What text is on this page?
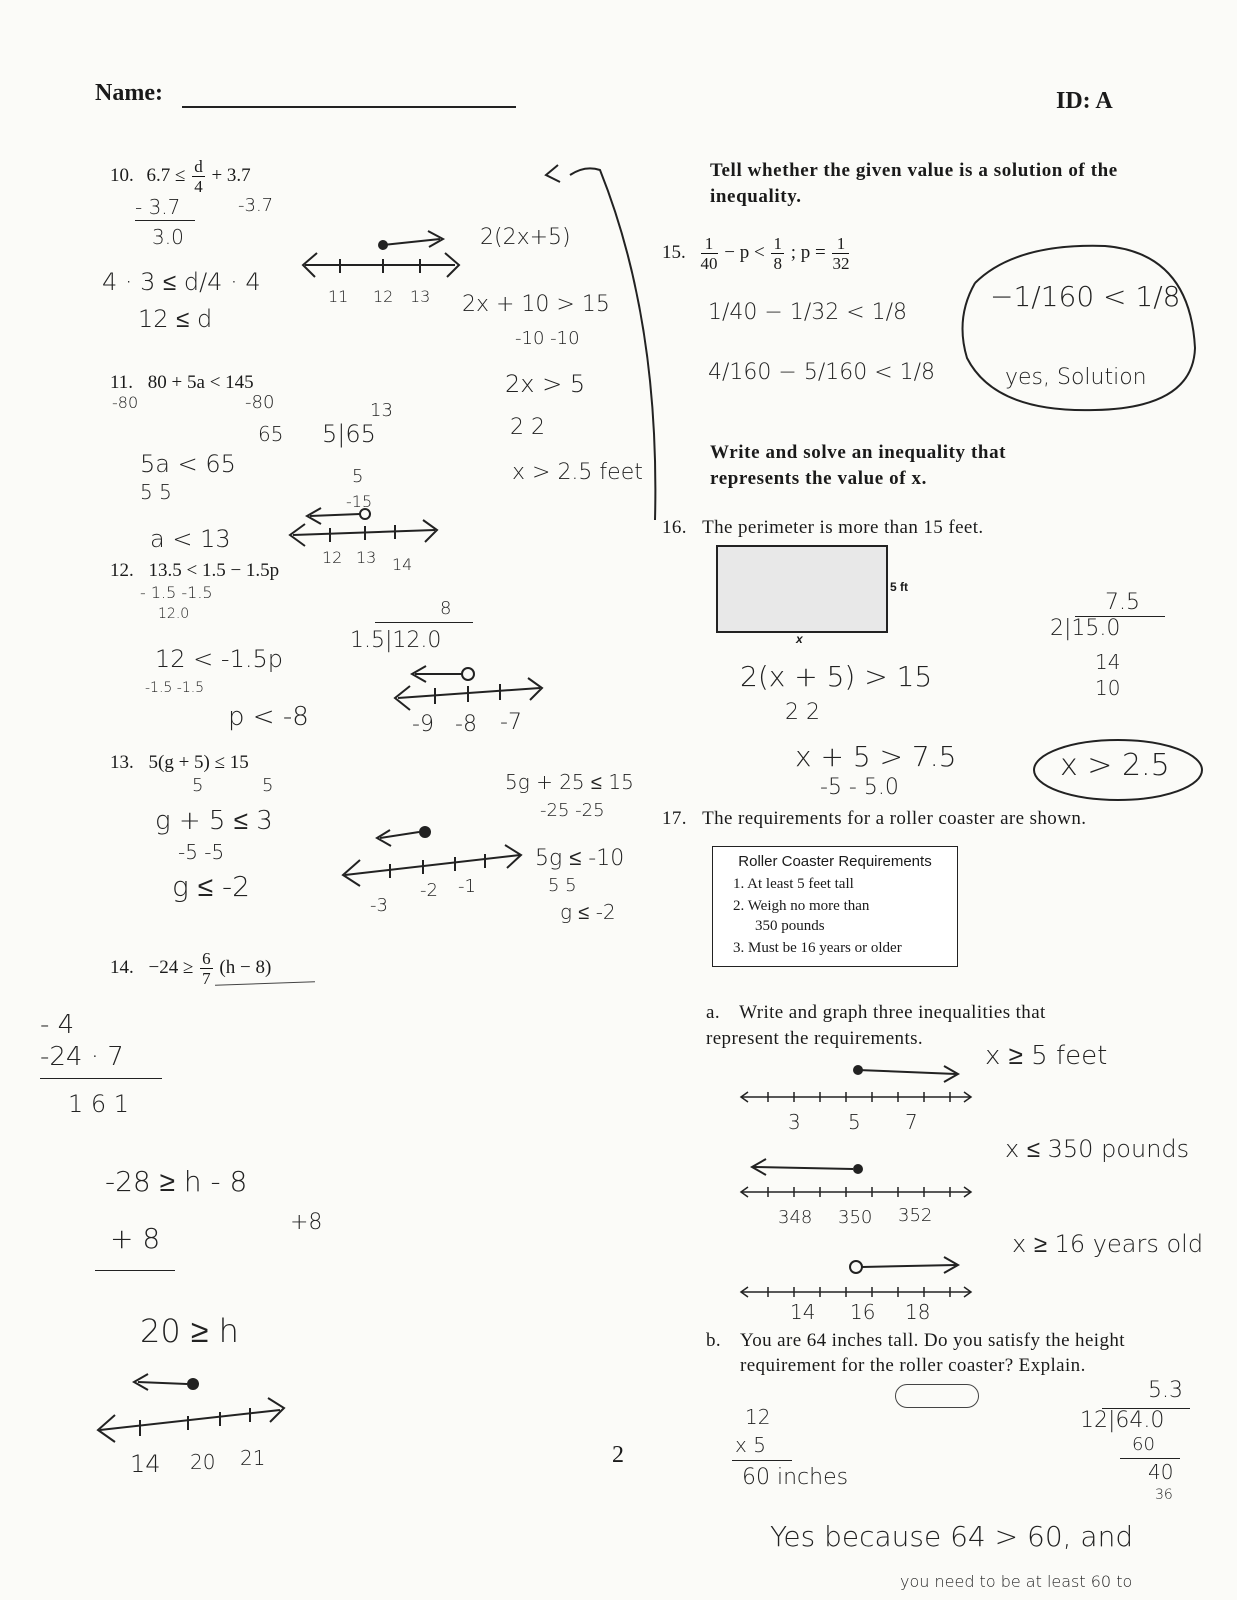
Name:	ID: A
10. $6.7 \le \frac{d}{4} + 3.7$
- 3.7
3.0
-3.7
4 · 3 ≤ d/4 · 4
12 ≤ d
11 12 13
2(2x+5)
2x + 10 > 15
-10 -10
2x > 5
2 2
x > 2.5 feet
11. 80 + 5a < 145
-80	-80
65
13
5|65
5
-15
5a < 65
5 5
a < 13
12 13 14
12. 13.5 < 1.5 − 1.5p
- 1.5 -1.5
12.0
12 < -1.5p
-1.5 -1.5
p < -8
8
1.5|12.0
-9 -8 -7
13. 5(g + 5) ≤ 15
5	5
g + 5 ≤ 3
-5 -5
g ≤ -2
5g + 25 ≤ 15
-25 -25
5g ≤ -10
5 5
g ≤ -2
-3
-2 -1
14. $-24 \ge \frac{6}{7} (h - 8)$
- 4
-24 · 7
1 6 1
-28 ≥ h - 8
+ 8	+8
20 ≥ h
14 20 21
Tell whether the given value is a solution of the inequality.
15. $\frac{1}{40} - p < \frac{1}{8}$ ; $p = \frac{1}{32}$
1/40 − 1/32 < 1/8
4/160 − 5/160 < 1/8
−1/160 < 1/8
yes, Solution
Write and solve an inequality that represents the value of x.
16. The perimeter is more than 15 feet.
5 ft
x
2(x + 5) > 15
2 2
x + 5 > 7.5
-5 - 5.0
x > 2.5
7.5
2|15.0
14
10
17. The requirements for a roller coaster are shown.
Roller Coaster Requirements
1. At least 5 feet tall
2. Weigh no more than
350 pounds
3. Must be 16 years or older
a. Write and graph three inequalities that represent the requirements.
x ≥ 5 feet
x ≤ 350 pounds
x ≥ 16 years old
3 5 7
348 350 352
14 16 18
b. You are 64 inches tall. Do you satisfy the height requirement for the roller coaster? Explain.
12
x 5
60 inches
5.3
12|64.0
60
40
36
Yes because 64 > 60, and
you need to be at least 60 to
2
